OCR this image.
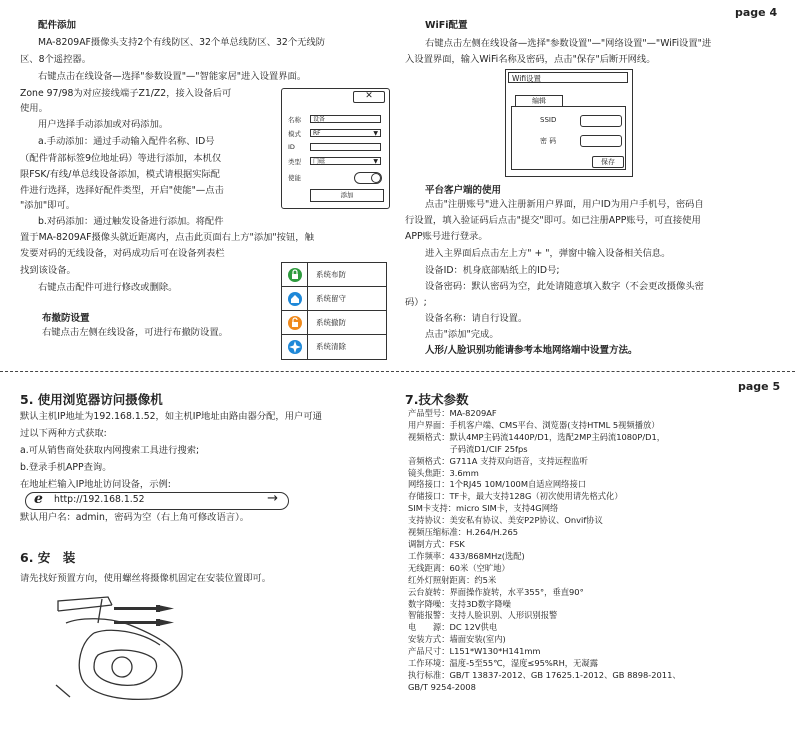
page 4
配件添加
MA-8209AF摄像头支持2个有线防区、32个单总线防区、32个无线防
区、8个遥控器。
右键点击在线设备—选择"参数设置"—"智能家居"进入设置界面。
Zone 97/98为对应接线端子Z1/Z2，接入设备后可
使用。
用户选择手动添加或对码添加。
a.手动添加：通过手动输入配件名称、ID号
（配件背部标签9位地址码）等进行添加，本机仅
限FSK/有线/单总线设备添加，模式请根据实际配
件进行选择，选择好配件类型，开启"使能"—点击
"添加"即可。
b.对码添加：通过触发设备进行添加。将配件
置于MA-8209AF摄像头就近距离内，点击此页面右上方"添加"按钮，触
发要对码的无线设备，对码成功后可在设备列表栏
找到该设备。
右键点击配件可进行修改或删除。
✕
名称	设备
模式	RF	▼
ID
类型	门磁	▼
使能
添加
布撤防设置
右键点击左侧在线设备，可进行布撤防设置。
系统布防
系统留守
系统撤防
系统清除
WiFi配置
右键点击左侧在线设备—选择"参数设置"—"网络设置"—"WiFi设置"进
入设置界面，输入WiFi名称及密码，点击"保存"后断开网线。
Wifi设置
编辑
SSID
密 码
保存
平台客户端的使用
点击"注册账号"进入注册新用户界面，用户ID为用户手机号，密码自
行设置，填入验证码后点击"提交"即可。如已注册APP账号，可直接使用
APP账号进行登录。
进入主界面后点击左上方" + "，弹窗中输入设备相关信息。
设备ID：机身底部贴纸上的ID号;
设备密码：默认密码为空，此处请随意填入数字（不会更改摄像头密
码）;
设备名称：请自行设置。
点击"添加"完成。
人形/人脸识别功能请参考本地网络端中设置方法。
page 5
5. 使用浏览器访问摄像机
默认主机IP地址为192.168.1.52，如主机IP地址由路由器分配，用户可通
过以下两种方式获取:
a.可从销售商处获取内网搜索工具进行搜索;
b.登录手机APP查询。
在地址栏输入IP地址访问设备，示例:
e http://192.168.1.52	→
默认用户名：admin，密码为空（右上角可修改语言）。
6. 安　装
请先找好预置方向，使用螺丝将摄像机固定在安装位置即可。
7.技术参数
产品型号：MA-8209AF
用户界面：手机客户端、CMS平台、浏览器(支持HTML 5视频播放）
视频格式：默认4MP主码流1440P/D1，选配2MP主码流1080P/D1，
　　　　　子码流D1/CIF 25fps
音频格式：G711A 支持双向语音，支持远程监听
镜头焦距：3.6mm
网络接口：1个RJ45 10M/100M自适应网络接口
存储接口：TF卡，最大支持128G（初次使用请先格式化）
SIM卡支持：micro SIM卡，支持4G网络
支持协议：美安私有协议、美安P2P协议、Onvif协议
视频压缩标准：H.264/H.265
调制方式：FSK
工作频率：433/868MHz(选配)
无线距离：60米（空旷地）
红外灯照射距离：约5米
云台旋转：界面操作旋转，水平355°，垂直90°
数字降噪：支持3D数字降噪
智能报警：支持人脸识别、人形识别报警
电　　源：DC 12V供电
安装方式：墙面安装(室内)
产品尺寸：L151*W130*H141mm
工作环境：温度-5至55℃，湿度≤95%RH，无凝露
执行标准：GB/T 13837-2012、GB 17625.1-2012、GB 8898-2011、
GB/T 9254-2008
